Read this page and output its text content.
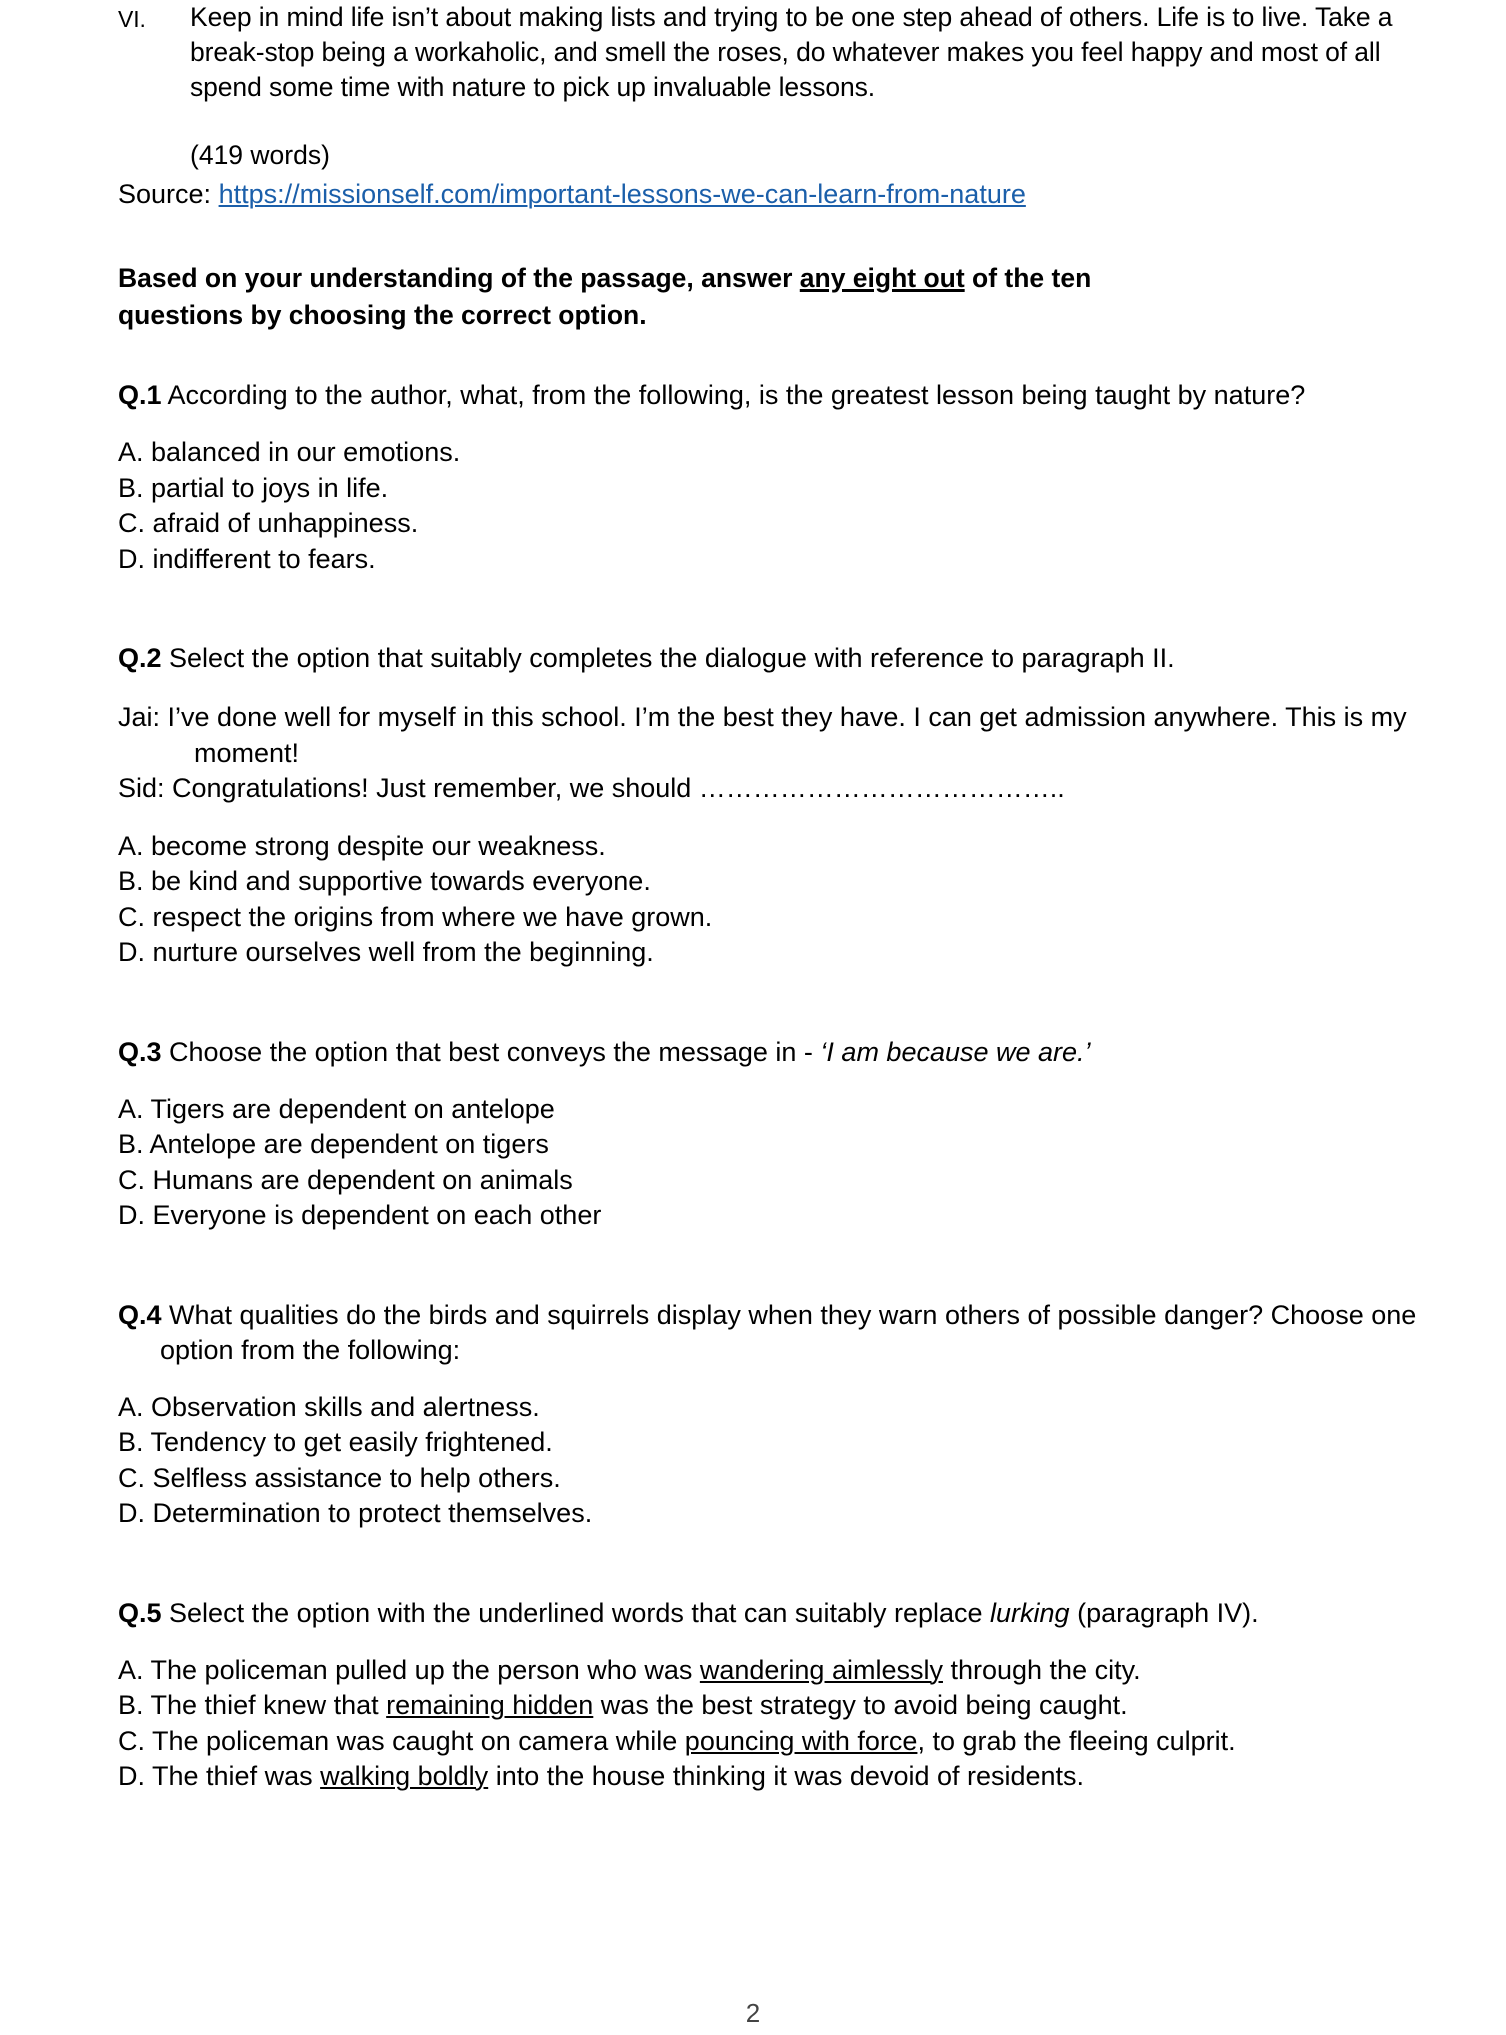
VI.	Keep in mind life isn’t about making lists and trying to be one step ahead of others. Life is to live. Take a break-stop being a workaholic, and smell the roses, do whatever makes you feel happy and most of all spend some time with nature to pick up invaluable lessons.
(419 words)
Source: https://missionself.com/important-lessons-we-can-learn-from-nature
Based on your understanding of the passage, answer any eight out of the ten questions by choosing the correct option.
Q.1 According to the author, what, from the following, is the greatest lesson being taught by nature?
A. balanced in our emotions.
B. partial to joys in life.
C. afraid of unhappiness.
D. indifferent to fears.
Q.2 Select the option that suitably completes the dialogue with reference to paragraph II.
Jai: I’ve done well for myself in this school. I’m the best they have. I can get admission anywhere. This is my moment!
Sid: Congratulations! Just remember, we should …………………………………..
A. become strong despite our weakness.
B. be kind and supportive towards everyone.
C. respect the origins from where we have grown.
D. nurture ourselves well from the beginning.
Q.3 Choose the option that best conveys the message in - ‘I am because we are.’
A. Tigers are dependent on antelope
B. Antelope are dependent on tigers
C. Humans are dependent on animals
D. Everyone is dependent on each other
Q.4 What qualities do the birds and squirrels display when they warn others of possible danger? Choose one option from the following:
A. Observation skills and alertness.
B. Tendency to get easily frightened.
C. Selfless assistance to help others.
D. Determination to protect themselves.
Q.5 Select the option with the underlined words that can suitably replace lurking (paragraph IV).
A. The policeman pulled up the person who was wandering aimlessly through the city.
B. The thief knew that remaining hidden was the best strategy to avoid being caught.
C. The policeman was caught on camera while pouncing with force, to grab the fleeing culprit.
D. The thief was walking boldly into the house thinking it was devoid of residents.
2
